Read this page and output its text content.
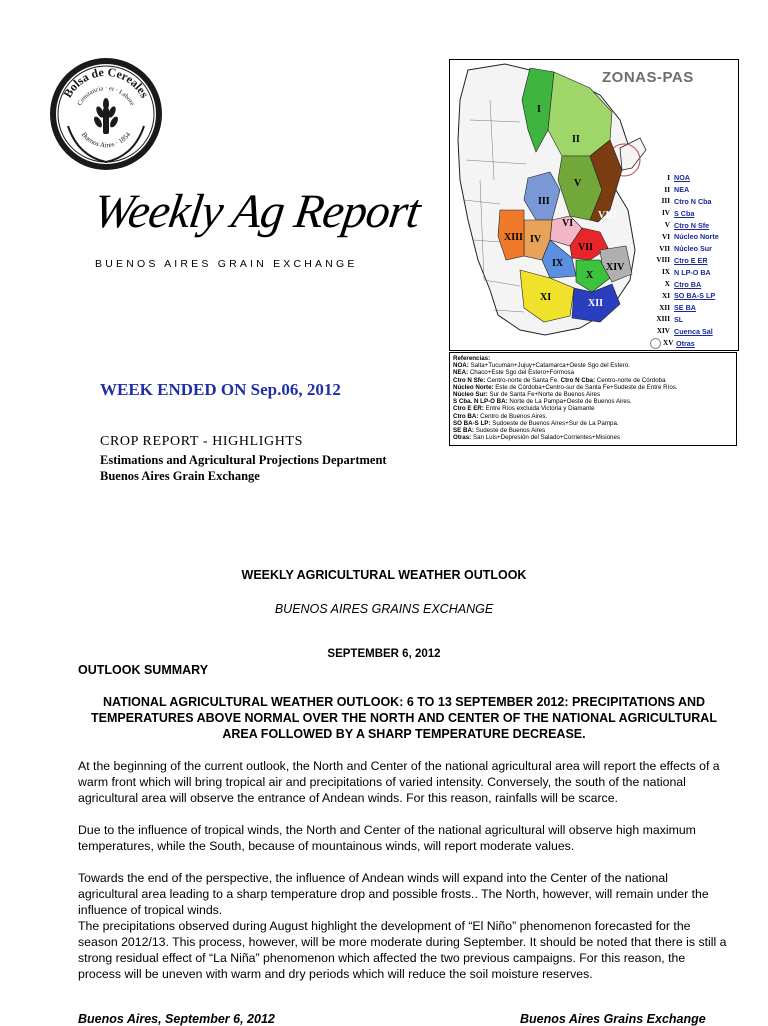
Bolsa de Cereales
Constancia · et · Labore
Buenos Aires · 1854
Weekly Ag Report
BUENOS AIRES GRAIN EXCHANGE
ZONAS-PAS
I
II
III
V
VI
VIII
IV
XIII
VII
IX
X
XIV
XI
XII
I NOA
II NEA
III Ctro N Cba
IV S Cba
V Ctro N Sfe
VI Núcleo Norte
VII Núcleo Sur
VIII Ctro E ER
IX N LP-O BA
X Ctro BA
XI SO BA-S LP
XII SE BA
XIII SL
XIV Cuenca Sal
XV Otras
Referencias:
NOA: Salta+Tucumán+Jujuy+Catamarca+Oeste Sgo del Estero.
NEA: Chaco+Este Sgo del Estero+Formosa
Ctro N Sfe: Centro-norte de Santa Fe. Ctro N Cba: Centro-norte de Córdoba
Núcleo Norte: Este de Córdoba+Centro-sur de Santa Fe+Sudeste de Entre Ríos.
Núcleo Sur: Sur de Santa Fe+Norte de Buenos Aires
S Cba. N LP-O BA: Norte de La Pampa+Oeste de Buenos Aires.
Ctro E ER: Entre Ríos excluida Victoria y Diamante
Ctro BA: Centro de Buenos Aires.
SO BA-S LP: Sudoeste de Buenos Aires+Sur de La Pampa.
SE BA: Sudeste de Buenos Aires
Otras: San Luis+Depresión del Salado+Corrientes+Misiones
WEEK ENDED ON Sep.06, 2012
CROP REPORT - HIGHLIGHTS
Estimations and Agricultural Projections Department
Buenos Aires Grain Exchange
WEEKLY AGRICULTURAL WEATHER OUTLOOK
BUENOS AIRES GRAINS EXCHANGE
SEPTEMBER 6, 2012
OUTLOOK SUMMARY
NATIONAL AGRICULTURAL WEATHER OUTLOOK: 6 TO 13 SEPTEMBER 2012: PRECIPITATIONS AND TEMPERATURES ABOVE NORMAL OVER THE NORTH AND CENTER OF THE NATIONAL AGRICULTURAL AREA FOLLOWED BY A SHARP TEMPERATURE DECREASE.
At the beginning of the current outlook, the North and Center of the national agricultural area will report the effects of a warm front which will bring tropical air and precipitations of varied intensity. Conversely, the south of the national agricultural area will observe the entrance of Andean winds. For this reason, rainfalls will be scarce.
Due to the influence of tropical winds, the North and Center of the national agricultural will observe high maximum temperatures, while the South, because of mountainous winds, will report moderate values.
Towards the end of the perspective, the influence of Andean winds will expand into the Center of the national agricultural area leading to a sharp temperature drop and possible frosts.. The North, however, will remain under the influence of tropical winds.
The precipitations observed during August highlight the development of “El Niño” phenomenon forecasted for the season 2012/13. This process, however, will be more moderate during September. It should be noted that there is still a strong residual effect of “La Niña” phenomenon which affected the two previous campaigns. For this reason, the process will be uneven with warm and dry periods which will reduce the soil moisture reserves.
Buenos Aires, September 6, 2012	Buenos Aires Grains Exchange
